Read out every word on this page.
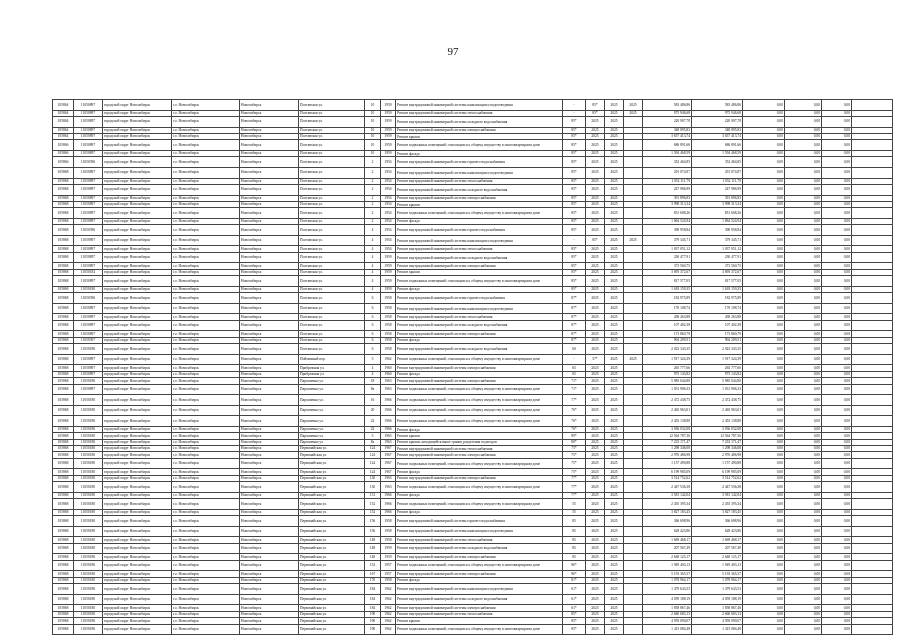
97
105864	11050897	городской округ Новосибирск	г.о. Новосибирск	Новосибирск	Полтавская ул.	10	1959	Ремонт внутридомовой инженерной системы канализации и водоотведения	-	85*	2025	2025	583 486,86	583 486,86	0,00	0,00	0,00	
105864	11050897	городской округ Новосибирск	г.о. Новосибирск	Новосибирск	Полтавская ул.	10	1959	Ремонт внутридомовой инженерной системы теплоснабжения	-	85*	2025	2025	975 946,68	975 946,68	0,00	0,00	0,00	
105864	11050897	городской округ Новосибирск	г.о. Новосибирск	Новосибирск	Полтавская ул.	10	1959	Ремонт внутридомовой инженерной системы холодного водоснабжения	85*	2025	2025		220 907,78	220 907,78	0,00	0,00	0,00	
105864	11050897	городской округ Новосибирск	г.о. Новосибирск	Новосибирск	Полтавская ул.	10	1959	Ремонт внутридомовой инженерной системы электроснабжения	85*	2025	2025		348 895,83	348 895,83	0,00	0,00	0,00	
105864	11050897	городской округ Новосибирск	г.о. Новосибирск	Новосибирск	Полтавская ул.	10	1959	Ремонт крыши	85*	2025	2025		3 657 413,74	3 657 413,74	0,00	0,00	0,00	
105866	11050897	городской округ Новосибирск	г.о. Новосибирск	Новосибирск	Полтавская ул.	10	1959	Ремонт подвальных помещений, относящихся к общему имуществу в многоквартирном доме	85*	2025	2025		686 891,66	686 891,66	0,00	0,00	0,00	
105866	11050897	городской округ Новосибирск	г.о. Новосибирск	Новосибирск	Полтавская ул.	10	1959	Ремонт фасада	85*	2025	2025		1 594 468,59	1 594 468,59	0,00	0,00	0,00	
105866	11050396	городской округ Новосибирск	г.о. Новосибирск	Новосибирск	Полтавская ул.	2	1954	Ремонт внутридомовой инженерной системы горячего водоснабжения	85*	2025	2025		352 464,85	352 464,85	0,00	0,00	0,00	
105868	11050897	городской округ Новосибирск	г.о. Новосибирск	Новосибирск	Полтавская ул.	2	1954	Ремонт внутридомовой инженерной системы канализации и водоотведения	85*	2025	2025		291 074,87	291 074,87	0,00	0,00	0,00	
105868	11050897	городской округ Новосибирск	г.о. Новосибирск	Новосибирск	Полтавская ул.	2	1954	Ремонт внутридомовой инженерной системы теплоснабжения	85*	2025	2025		1 052 111,79	1 052 111,79	0,00	0,00	0,00	
105868	11050897	городской округ Новосибирск	г.о. Новосибирск	Новосибирск	Полтавская ул.	2	1954	Ремонт внутридомовой инженерной системы холодного водоснабжения	85*	2025	2025		247 986,99	247 986,99	0,00	0,00	0,00	
105868	11050897	городской округ Новосибирск	г.о. Новосибирск	Новосибирск	Полтавская ул.	2	1954	Ремонт внутридомовой инженерной системы электроснабжения	85*	2025	2025		391 896,83	391 896,83	0,00	0,00	0,00	
105868	11050897	городской округ Новосибирск	г.о. Новосибирск	Новосибирск	Полтавская ул.	2	1954	Ремонт крыши	85*	2025	2025		3 998 313,34	3 998 313,34	0,00	0,00	0,00	
105868	11050897	городской округ Новосибирск	г.о. Новосибирск	Новосибирск	Полтавская ул.	2	1954	Ремонт подвальных помещений, относящихся к общему имуществу в многоквартирном доме	85*	2025	2025		831 608,26	831 608,26	0,00	0,00	0,00	
105868	11050897	городской округ Новосибирск	г.о. Новосибирск	Новосибирск	Полтавская ул.	2	1954	Ремонт фасада	85*	2025	2025		1 864 524,94	1 864 524,94	0,00	0,00	0,00	
105868	11050396	городской округ Новосибирск	г.о. Новосибирск	Новосибирск	Полтавская ул.	4	1954	Ремонт внутридомовой инженерной системы горячего водоснабжения	85*	2025	2025		390 958,84	390 958,84	0,00	0,00	0,00	
105868	11050897	городской округ Новосибирск	г.о. Новосибирск	Новосибирск	Полтавская ул.	4	1954	Ремонт внутридомовой инженерной системы канализации и водоотведения	-	85*	2025	2025	379 345,71	379 345,71	0,00	0,00	0,00	
105868	11050897	городской округ Новосибирск	г.о. Новосибирск	Новосибирск	Полтавская ул.	4	1954	Ремонт внутридомовой инженерной системы теплоснабжения	85*	2025	2025		1 037 051,12	1 037 051,12	0,00	0,00	0,00	
105868	11050897	городской округ Новосибирск	г.о. Новосибирск	Новосибирск	Полтавская ул.	4	1959	Ремонт внутридомовой инженерной системы холодного водоснабжения	85*	2025	2025		230 477,91	230 477,91	0,00	0,00	0,00	
105868	11050897	городской округ Новосибирск	г.о. Новосибирск	Новосибирск	Полтавская ул.	4	1959	Ремонт внутридомовой инженерной системы электроснабжения	85*	2025	2025		373 560,75	373 560,75	0,00	0,00	0,00	
105868	11050182	городской округ Новосибирск	г.о. Новосибирск	Новосибирск	Полтавская ул.	4	1959	Ремонт крыши	85*	2025	2025		3 695 372,67	3 695 372,67	0,00	0,00	0,00	
105868	11050897	городской округ Новосибирск	г.о. Новосибирск	Новосибирск	Полтавская ул.	4	1959	Ремонт подвальных помещений, относящихся к общему имуществу в многоквартирном доме	85*	2025	2025		817 577,05	817 577,05	0,00	0,00	0,00	
105868	11050180	городской округ Новосибирск	г.о. Новосибирск	Новосибирск	Полтавская ул.	4	1959	Ремонт фасада	85*	2025	2025		1 618 159,35	1 618 159,35	0,00	0,00	0,00	
105868	11050396	городской округ Новосибирск	г.о. Новосибирск	Новосибирск	Полтавская ул.	6	1958	Ремонт внутридомовой инженерной системы горячего водоснабжения	87*	2025	2025		182 975,89	182 975,89	0,00	0,00	0,00	
105868	11050897	городской округ Новосибирск	г.о. Новосибирск	Новосибирск	Полтавская ул.	6	1958	Ремонт внутридомовой инженерной системы канализации и водоотведения	87*	2025	2025		170 108,74	170 108,74	0,00	0,00	0,00	
105868	11050897	городской округ Новосибирск	г.о. Новосибирск	Новосибирск	Полтавская ул.	6	1958	Ремонт внутридомовой инженерной системы теплоснабжения	87*	2025	2025		438 263,88	438 263,88	0,00	0,00	0,00	
105868	11050897	городской округ Новосибирск	г.о. Новосибирск	Новосибирск	Полтавская ул.	6	1958	Ремонт внутридомовой инженерной системы холодного водоснабжения	87*	2025	2025		107 402,38	107 402,38	0,00	0,00	0,00	
105868	11050897	городской округ Новосибирск	г.о. Новосибирск	Новосибирск	Полтавская ул.	6	1958	Ремонт внутридомовой инженерной системы электроснабжения	87*	2025	2025		173 860,79	173 860,79	0,00	0,00	0,00	
105868	11050397	городской округ Новосибирск	г.о. Новосибирск	Новосибирск	Полтавская ул.	6	1958	Ремонт фасада	87*	2025	2025		904 209,51	904 209,51	0,00	0,00	0,00	
105868	11050180	городской округ Новосибирск	г.о. Новосибирск	Новосибирск	Полтавская ул.	6	1958	Ремонт внутридомовой инженерной системы холодного водоснабжения	60	2025	2025		2 022 343,35	2 022 343,35	0,00	0,00	0,00	
105868	11050897	городской округ Новосибирск	г.о. Новосибирск	Новосибирск	Пойменный пер.	5	1962	Ремонт подвальных помещений, относящихся к общему имуществу в многоквартирном доме	-	57*	2025	2025	1 917 324,39	1 917 324,39	0,00	0,00	0,00	
105868	11050897	городской округ Новосибирск	г.о. Новосибирск	Новосибирск	Прибрежная ул.	4	1960	Ремонт внутридомовой инженерной системы электроснабжения	65	2025	2025		265 777,66	265 777,66	0,00	0,00	0,00	
105868	11050897	городской округ Новосибирск	г.о. Новосибирск	Новосибирск	Прибрежная ул.	4	1960	Ремонт фасада	65	2025	2025		975 143,82	975 143,82	0,00	0,00	0,00	
105868	11050180	городской округ Новосибирск	г.о. Новосибирск	Новосибирск	Пархоменко ул.	18	1963	Ремонт внутридомовой инженерной системы электроснабжения	71*	2025	2025		5 985 044,80	5 985 044,80	0,00	0,00	0,00	
105868	11050897	городской округ Новосибирск	г.о. Новосибирск	Новосибирск	Пархоменко ул.	8a	1963	Ремонт подвальных помещений, относящихся к общему имуществу в многоквартирном доме	71*	2025	2025		1 031 906,33	1 031 906,33	0,00	0,00	0,00	
105868	11050180	городской округ Новосибирск	г.о. Новосибирск	Новосибирск	Пархоменко ул.	16	1966	Ремонт подвальных помещений, относящихся к общему имуществу в многоквартирном доме	77*	2025	2025		2 472 438,75	2 472 438,75	0,00	0,00	0,00	
105868	11050180	городской округ Новосибирск	г.о. Новосибирск	Новосибирск	Пархоменко ул.	20	1966	Ремонт подвальных помещений, относящихся к общему имуществу в многоквартирном доме	76*	2025	2025		2 465 963,01	2 465 963,01	0,00	0,00	0,00	
105868	11050180	городской округ Новосибирск	г.о. Новосибирск	Новосибирск	Пархоменко ул.	22	1966	Ремонт подвальных помещений, относящихся к общему имуществу в многоквартирном доме	76*	2025	2025		2 453 138,88	2 453 138,88	0,00	0,00	0,00	
105868	11050180	городской округ Новосибирск	г.о. Новосибирск	Новосибирск	Пархоменко ул.	22	1966	Ремонт фасада	76*	2025	2025		3 036 032,08	3 036 032,08	0,00	0,00	0,00	
105868	11050180	городской округ Новосибирск	г.о. Новосибирск	Новосибирск	Пархоменко ул.	3	1965	Ремонт крыши	89*	2025	2025		12 564 787,36	12 564 787,36	0,00	0,00	0,00	
105868	11050180	городской округ Новосибирск	г.о. Новосибирск	Новосибирск	Пархоменко ул.	8a	1963	Ремонт крыши, находящейся выше границ разделения подъездов	80*	2025	2025		7 233 171,47	7 233 171,47	0,00	0,00	0,00	
105868	11050180	городской округ Новосибирск	г.о. Новосибирск	Новосибирск	Первомайская ул.	124	1967	Ремонт внутридомовой инженерной системы теплоснабжения	75*	2025	2025		1 298 346,08	1 298 346,08	0,00	0,00	0,00	
105868	11050180	городской округ Новосибирск	г.о. Новосибирск	Новосибирск	Первомайская ул.	124	1967	Ремонт внутридомовой инженерной системы электроснабжения	75*	2025	2025		2 976 486,98	2 976 486,98	0,00	0,00	0,00	
105868	11050180	городской округ Новосибирск	г.о. Новосибирск	Новосибирск	Первомайская ул.	124	1967	Ремонт подвальных помещений, относящихся к общему имуществу в многоквартирном доме	75*	2025	2025		1 157 490,88	1 157 490,88	0,00	0,00	0,00	
105868	11050180	городской округ Новосибирск	г.о. Новосибирск	Новосибирск	Первомайская ул.	124	1967	Ремонт фасада	75*	2025	2025		6 199 985,09	6 199 985,09	0,00	0,00	0,00	
105868	11050180	городской округ Новосибирск	г.о. Новосибирск	Новосибирск	Первомайская ул.	130	1963	Ремонт внутридомовой инженерной системы электроснабжения	77*	2025	2025		3 514 752,62	3 514 752,62	0,00	0,00	0,00	
105868	11050180	городской округ Новосибирск	г.о. Новосибирск	Новосибирск	Первомайская ул.	130	1963	Ремонт подвальных помещений, относящихся к общему имуществу в многоквартирном доме	77*	2025	2025		2 447 536,38	2 447 536,38	0,00	0,00	0,00	
105868	11050180	городской округ Новосибирск	г.о. Новосибирск	Новосибирск	Первомайская ул.	131	1966	Ремонт фасада	77*	2025	2025		3 581 142,04	3 581 142,04	0,00	0,00	0,00	
105868	11050180	городской округ Новосибирск	г.о. Новосибирск	Новосибирск	Первомайская ул.	152	1966	Ремонт подвальных помещений, относящихся к общему имуществу в многоквартирном доме	55	2025	2025		2 455 395,34	2 455 395,34	0,00	0,00	0,00	
105868	11050180	городской округ Новосибирск	г.о. Новосибирск	Новосибирск	Первомайская ул.	152	1966	Ремонт фасада	55	2025	2025		3 827 183,45	3 827 183,45	0,00	0,00	0,00	
105868	11050180	городской округ Новосибирск	г.о. Новосибирск	Новосибирск	Первомайская ул.	156	1958	Ремонт внутридомовой инженерной системы горячего водоснабжения	85	2025	2025		366 698,96	366 698,96	0,00	0,00	0,00	
105868	11050180	городской округ Новосибирск	г.о. Новосибирск	Новосибирск	Первомайская ул.	156	1958	Ремонт внутридомовой инженерной системы канализации и водоотведения	85	2025	2025		628 423,86	628 423,86	0,00	0,00	0,00	
105868	11050180	городской округ Новосибирск	г.о. Новосибирск	Новосибирск	Первомайская ул.	148	1958	Ремонт внутридомовой инженерной системы теплоснабжения	85	2025	2025		1 669 468,17	1 669 468,17	0,00	0,00	0,00	
105868	11050180	городской округ Новосибирск	г.о. Новосибирск	Новосибирск	Первомайская ул.	148	1959	Ремонт внутридомовой инженерной системы холодного водоснабжения	85	2025	2025		207 567,49	207 567,49	0,00	0,00	0,00	
105868	11050180	городской округ Новосибирск	г.о. Новосибирск	Новосибирск	Первомайская ул.	148	1959	Ремонт внутридомовой инженерной системы электроснабжения	85	2025	2025		2 648 125,17	2 648 125,17	0,00	0,00	0,00	
105868	11050180	городской округ Новосибирск	г.о. Новосибирск	Новосибирск	Первомайская ул.	152	1957	Ремонт подвальных помещений, относящихся к общему имуществу в многоквартирном доме	86*	2025	2025		1 949 403,13	1 949 403,13	0,00	0,00	0,00	
105868	11050180	городской округ Новосибирск	г.о. Новосибирск	Новосибирск	Первомайская ул.	167	1957	Ремонт внутридомовой инженерной системы электроснабжения	86*	2025	2025		5 193 365,57	5 193 365,57	0,00	0,00	0,00	
105868	11050180	городской округ Новосибирск	г.о. Новосибирск	Новосибирск	Первомайская ул.	170	1958	Ремонт фасада	81*	2025	2025		1 078 964,17	1 078 964,17	0,00	0,00	0,00	
105868	11050180	городской округ Новосибирск	г.о. Новосибирск	Новосибирск	Первомайская ул.	184	1962	Ремонт внутридомовой инженерной системы канализации и водоотведения	61*	2025	2025		1 479 643,53	1 479 643,53	0,00	0,00	0,00	
105868	11050180	городской округ Новосибирск	г.о. Новосибирск	Новосибирск	Первомайская ул.	184	1962	Ремонт внутридомовой инженерной системы холодного водоснабжения	61*	2025	2025		4 059 188,19	4 059 188,19	0,00	0,00	0,00	
105868	11050180	городской округ Новосибирск	г.о. Новосибирск	Новосибирск	Первомайская ул.	184	1962	Ремонт внутридомовой инженерной системы электроснабжения	61*	2025	2025		1 858 867,46	1 858 867,46	0,00	0,00	0,00	
105868	11050180	городской округ Новосибирск	г.о. Новосибирск	Новосибирск	Первомайская ул.	190	1962	Ремонт внутридомовой инженерной системы теплоснабжения	85*	2025	2025		2 660 683,13	2 660 683,13	0,00	0,00	0,00	
105868	11050180	городской округ Новосибирск	г.о. Новосибирск	Новосибирск	Первомайская ул.	190	1962	Ремонт крыши	85*	2025	2025		4 959 090,07	4 959 090,07	0,00	0,00	0,00	
105868	11050180	городской округ Новосибирск	г.о. Новосибирск	Новосибирск	Первомайская ул.	190	1962	Ремонт подвальных помещений, относящихся к общему имуществу в многоквартирном доме	85*	2025	2025		1 415 084,48	1 415 084,48	0,00	0,00	0,00	
